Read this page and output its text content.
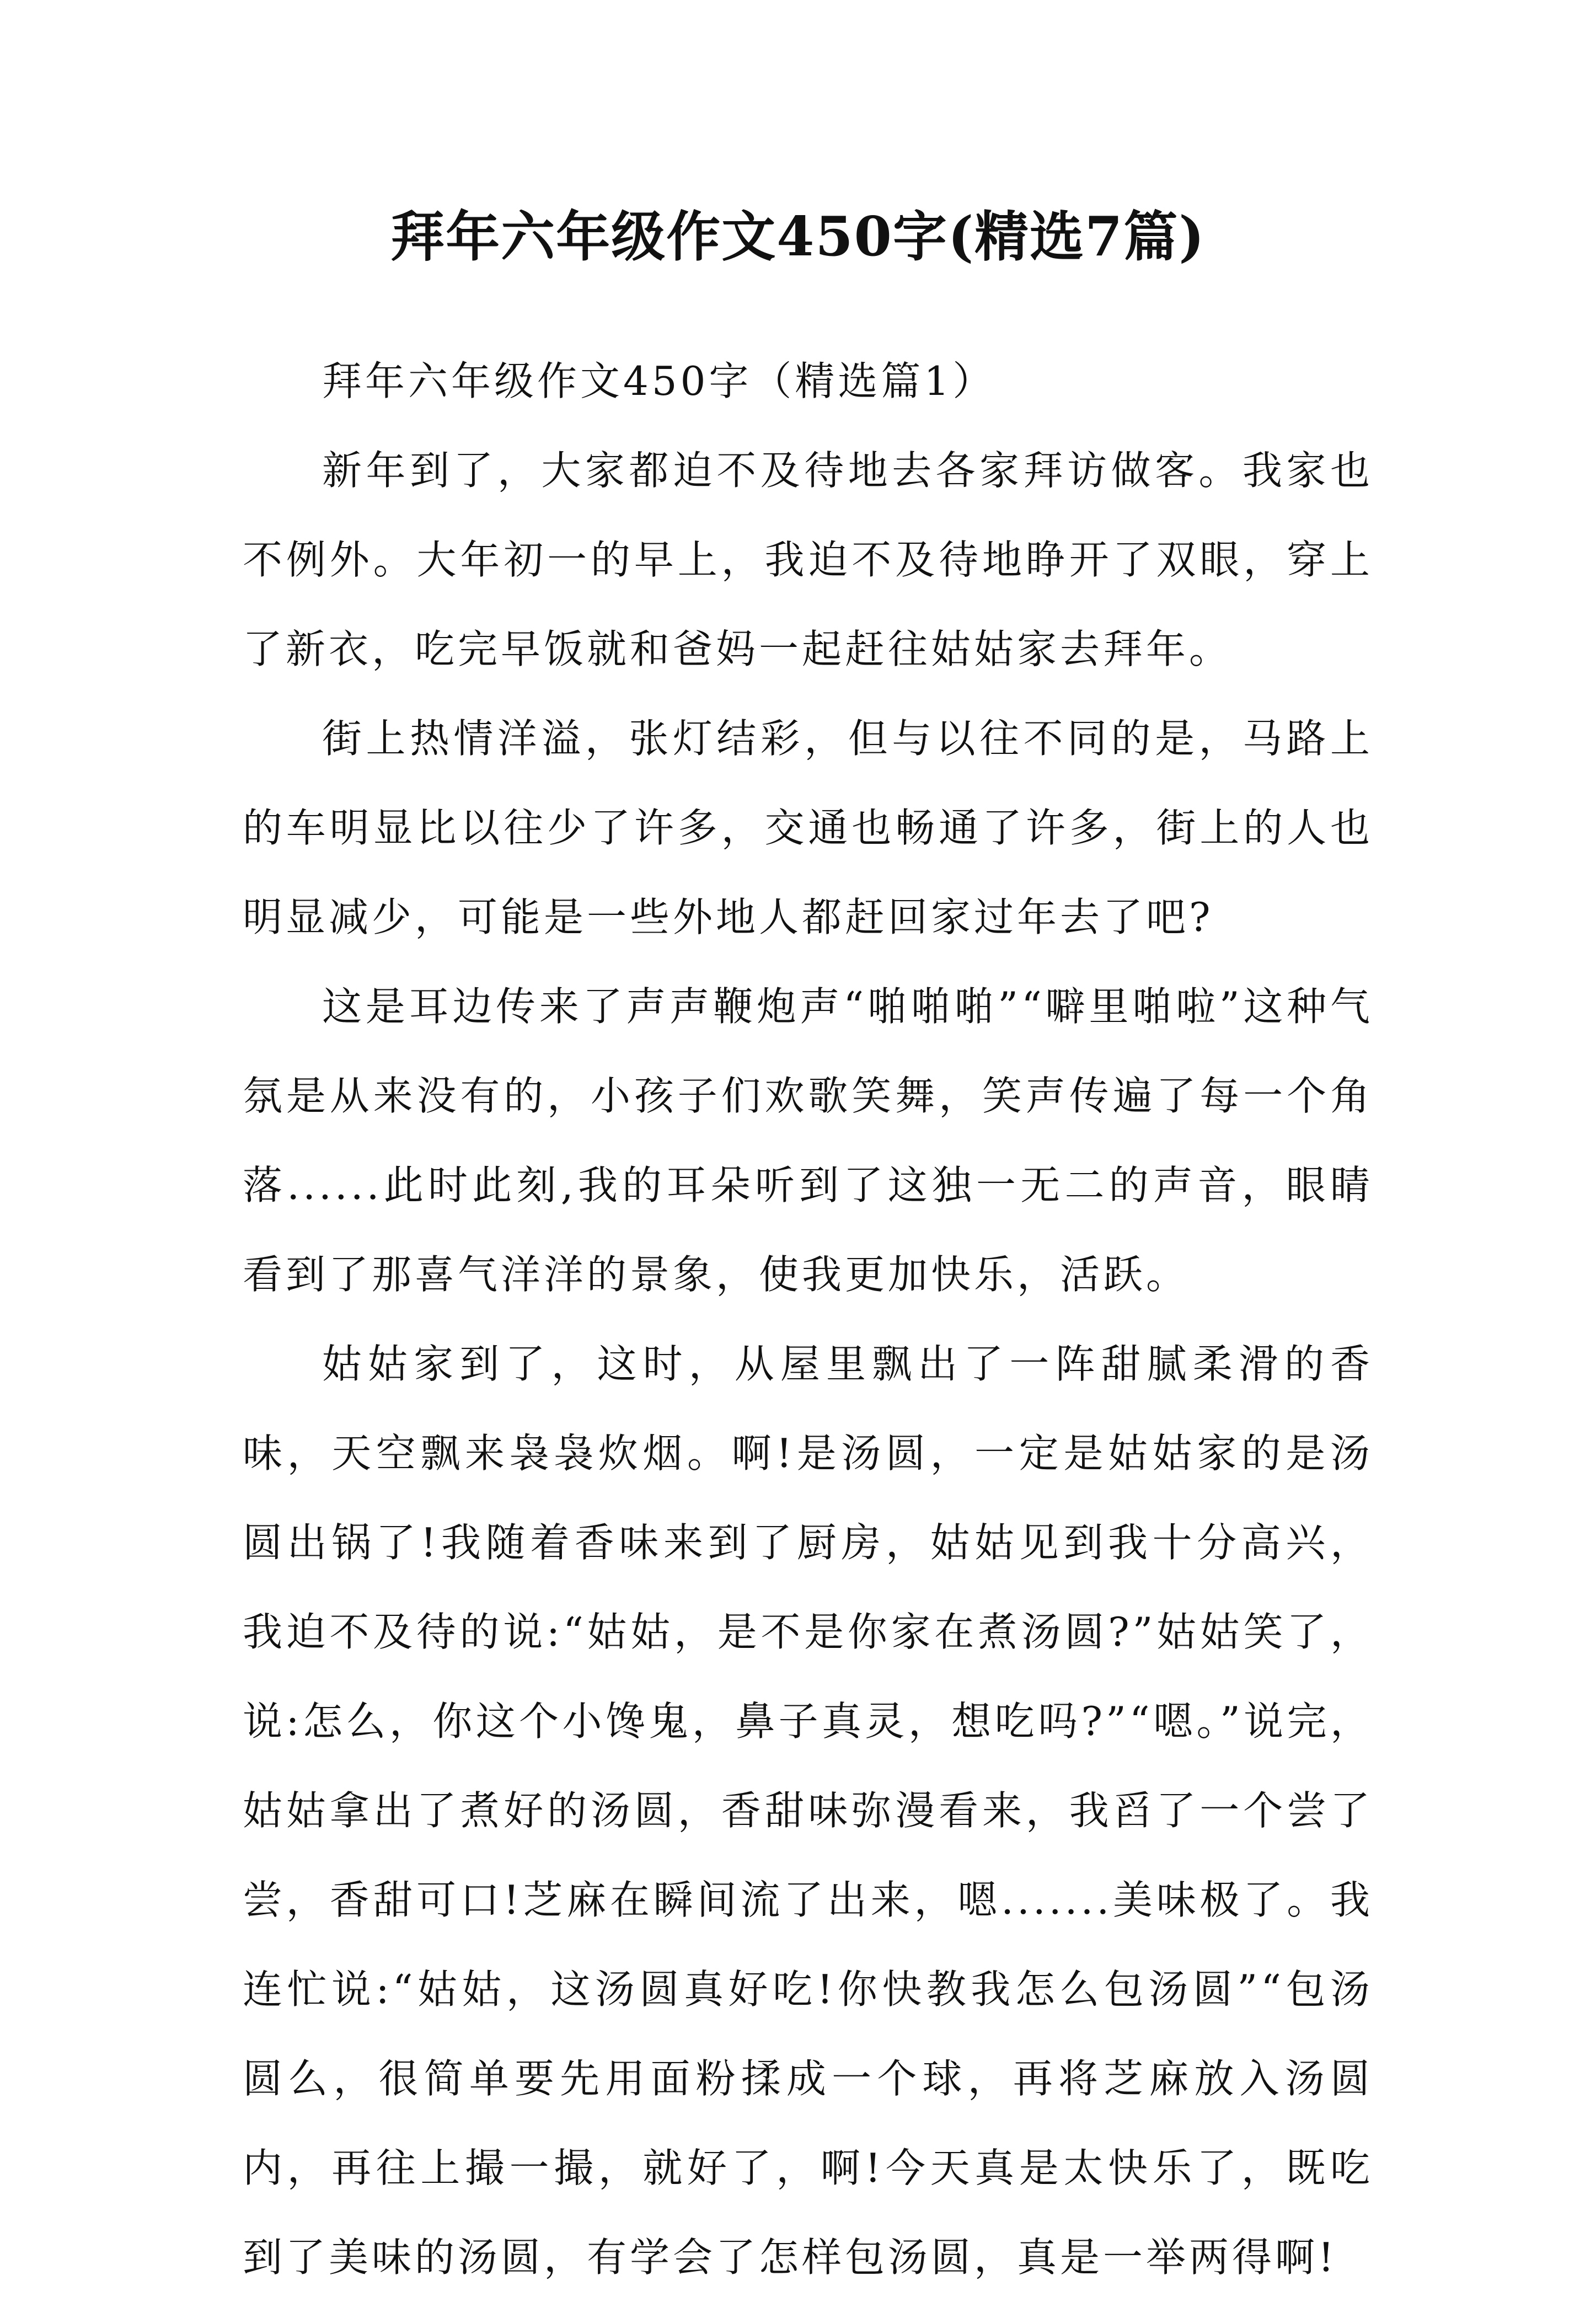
拜年六年级作文450字(精选7篇)

拜年六年级作文450字（精选篇1）

新年到了，大家都迫不及待地去各家拜访做客。我家也不例外。大年初一的早上，我迫不及待地睁开了双眼，穿上了新衣，吃完早饭就和爸妈一起赶往姑姑家去拜年。

街上热情洋溢，张灯结彩，但与以往不同的是，马路上的车明显比以往少了许多，交通也畅通了许多，街上的人也明显减少，可能是一些外地人都赶回家过年去了吧?

这是耳边传来了声声鞭炮声“啪啪啪”“噼里啪啦”这种气氛是从来没有的，小孩子们欢歌笑舞，笑声传遍了每一个角落......此时此刻,我的耳朵听到了这独一无二的声音，眼睛看到了那喜气洋洋的景象，使我更加快乐，活跃。

姑姑家到了，这时，从屋里飘出了一阵甜腻柔滑的香味，天空飘来袅袅炊烟。啊!是汤圆，一定是姑姑家的是汤圆出锅了!我随着香味来到了厨房，姑姑见到我十分高兴，我迫不及待的说:“姑姑，是不是你家在煮汤圆?”姑姑笑了，说:怎么，你这个小馋鬼，鼻子真灵，想吃吗?”“嗯。”说完，姑姑拿出了煮好的汤圆，香甜味弥漫看来，我舀了一个尝了尝，香甜可口!芝麻在瞬间流了出来，嗯.......美味极了。我连忙说:“姑姑，这汤圆真好吃!你快教我怎么包汤圆”“包汤圆么，很简单要先用面粉揉成一个球，再将芝麻放入汤圆内，再往上撮一撮，就好了，啊!今天真是太快乐了，既吃到了美味的汤圆，有学会了怎样包汤圆，真是一举两得啊!
